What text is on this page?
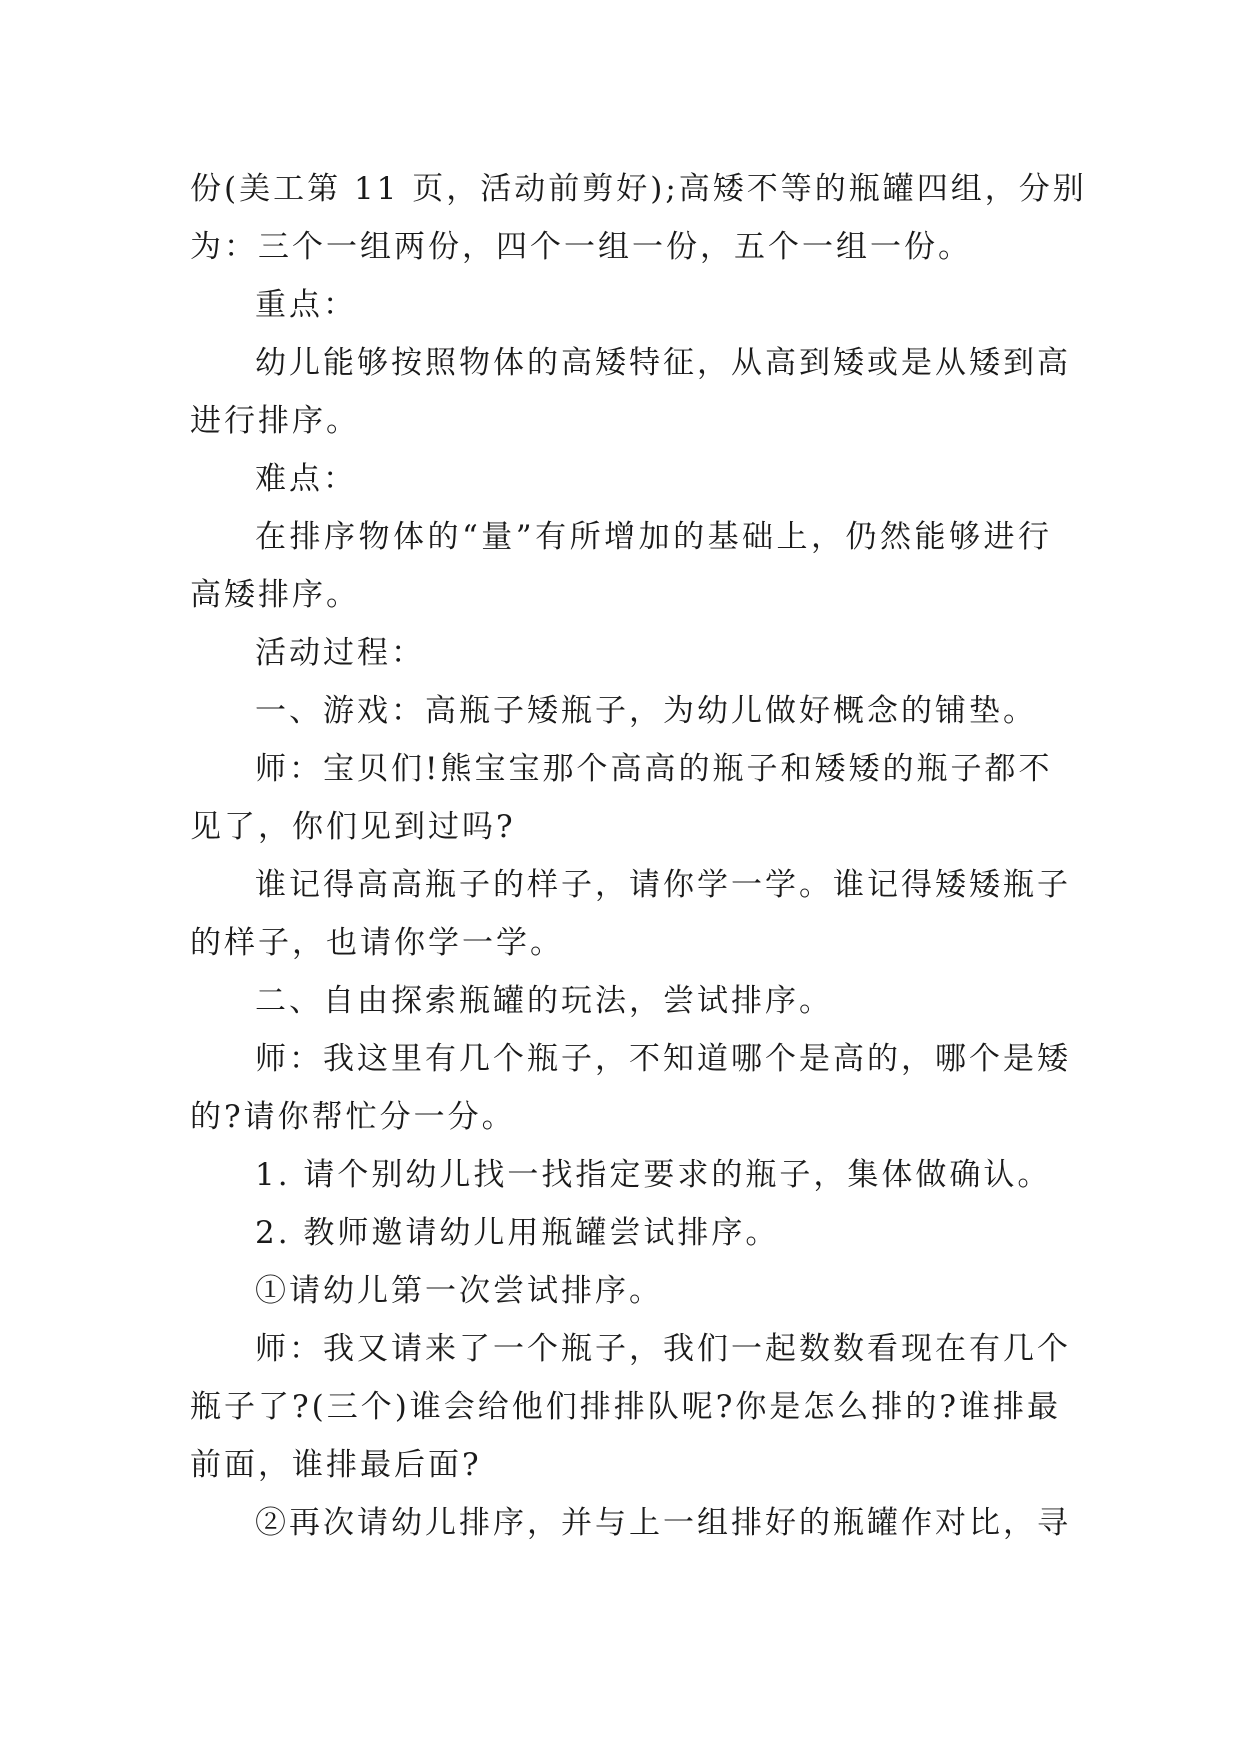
份(美工第 11 页，活动前剪好);高矮不等的瓶罐四组，分别
为：三个一组两份，四个一组一份，五个一组一份。
重点：
幼儿能够按照物体的高矮特征，从高到矮或是从矮到高
进行排序。
难点：
在排序物体的“量”有所增加的基础上，仍然能够进行
高矮排序。
活动过程：
一、游戏：高瓶子矮瓶子，为幼儿做好概念的铺垫。
师：宝贝们!熊宝宝那个高高的瓶子和矮矮的瓶子都不
见了，你们见到过吗?
谁记得高高瓶子的样子，请你学一学。谁记得矮矮瓶子
的样子，也请你学一学。
二、自由探索瓶罐的玩法，尝试排序。
师：我这里有几个瓶子，不知道哪个是高的，哪个是矮
的?请你帮忙分一分。
1. 请个别幼儿找一找指定要求的瓶子，集体做确认。
2. 教师邀请幼儿用瓶罐尝试排序。
①请幼儿第一次尝试排序。
师：我又请来了一个瓶子，我们一起数数看现在有几个
瓶子了?(三个)谁会给他们排排队呢?你是怎么排的?谁排最
前面，谁排最后面?
②再次请幼儿排序，并与上一组排好的瓶罐作对比，寻
